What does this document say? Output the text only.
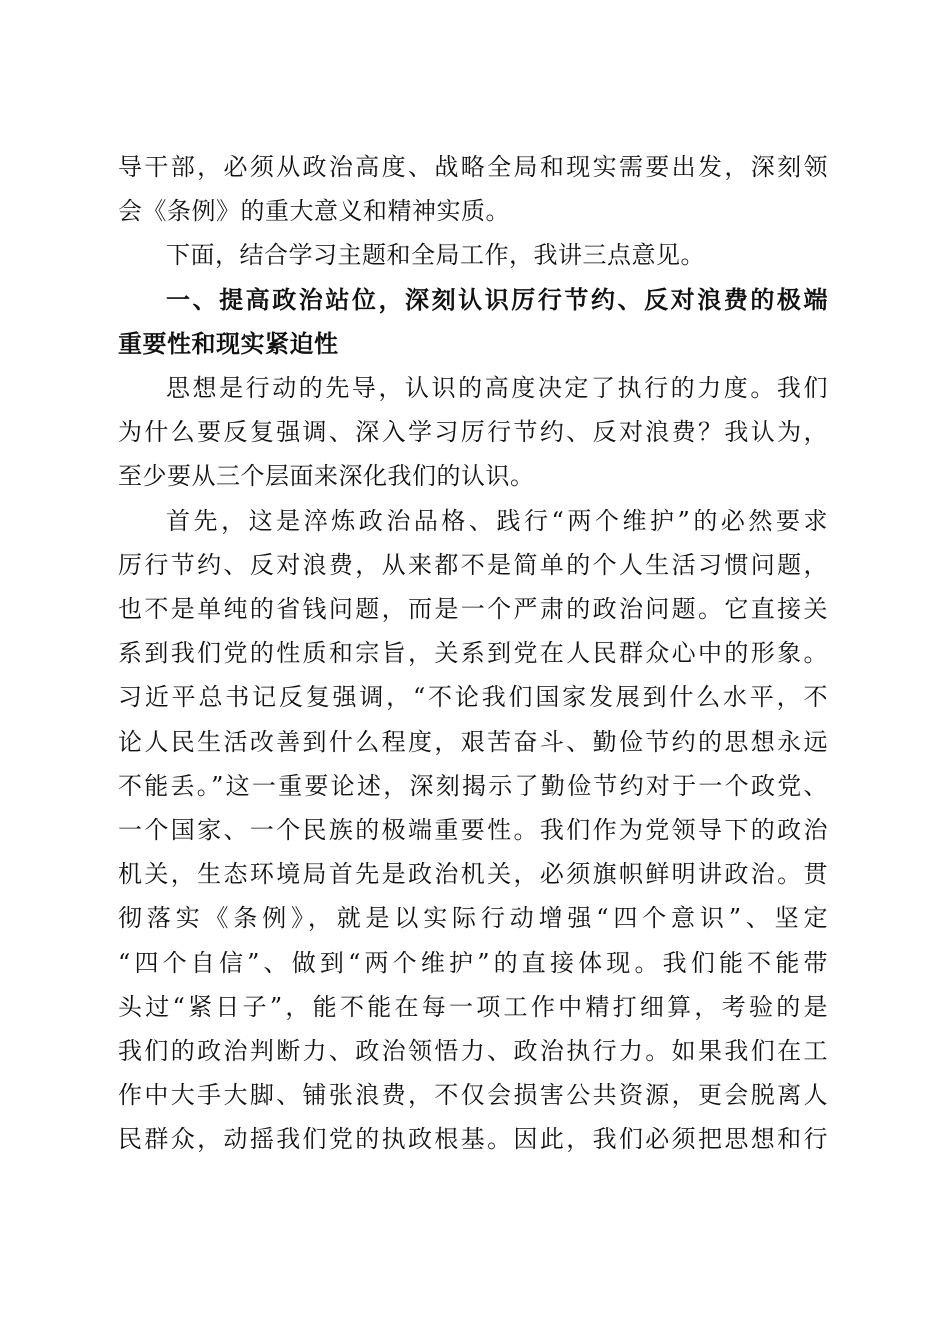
导干部，必须从政治高度、战略全局和现实需要出发，深刻领
会《条例》的重大意义和精神实质。
下面，结合学习主题和全局工作，我讲三点意见。
一、提高政治站位，深刻认识厉行节约、反对浪费的极端
重要性和现实紧迫性
思想是行动的先导，认识的高度决定了执行的力度。我们
为什么要反复强调、深入学习厉行节约、反对浪费？我认为，
至少要从三个层面来深化我们的认识。
首先，这是淬炼政治品格、践行“两个维护”的必然要求
厉行节约、反对浪费，从来都不是简单的个人生活习惯问题，
也不是单纯的省钱问题，而是一个严肃的政治问题。它直接关
系到我们党的性质和宗旨，关系到党在人民群众心中的形象。
习近平总书记反复强调，“不论我们国家发展到什么水平，不
论人民生活改善到什么程度，艰苦奋斗、勤俭节约的思想永远
不能丢。”这一重要论述，深刻揭示了勤俭节约对于一个政党、
一个国家、一个民族的极端重要性。我们作为党领导下的政治
机关，生态环境局首先是政治机关，必须旗帜鲜明讲政治。贯
彻落实《条例》，就是以实际行动增强“四个意识”、坚定
“四个自信”、做到“两个维护”的直接体现。我们能不能带
头过“紧日子”，能不能在每一项工作中精打细算，考验的是
我们的政治判断力、政治领悟力、政治执行力。如果我们在工
作中大手大脚、铺张浪费，不仅会损害公共资源，更会脱离人
民群众，动摇我们党的执政根基。因此，我们必须把思想和行
